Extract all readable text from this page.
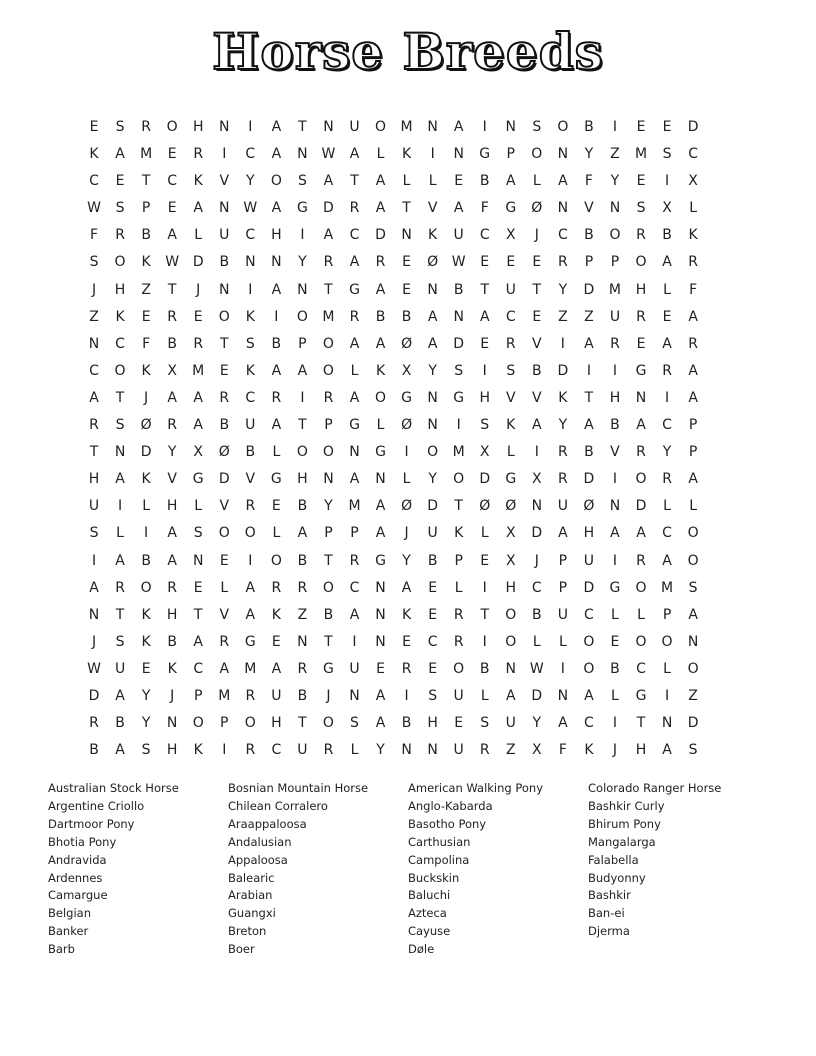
Horse Breeds
E S R O H N I A T N U O M N A I N S O B I E E D
K A M E R I C A N W A L K I N G P O N Y Z M S C
C E T C K V Y O S A T A L L E B A L A F Y E I X
W S P E A N W A G D R A T V A F G Ø N V N S X L
F R B A L U C H I A C D N K U C X J C B O R B K
S O K W D B N N Y R A R E Ø W E E E R P P O A R
J H Z T J N I A N T G A E N B T U T Y D M H L F
Z K E R E O K I O M R B B A N A C E Z Z U R E A
N C F B R T S B P O A A Ø A D E R V I A R E A R
C O K X M E K A A O L K X Y S I S B D I I G R A
A T J A A R C R I R A O G N G H V V K T H N I A
R S Ø R A B U A T P G L Ø N I S K A Y A B A C P
T N D Y X Ø B L O O N G I O M X L I R B V R Y P
H A K V G D V G H N A N L Y O D G X R D I O R A
U I L H L V R E B Y M A Ø D T Ø Ø N U Ø N D L L
S L I A S O O L A P P A J U K L X D A H A A C O
I A B A N E I O B T R G Y B P E X J P U I R A O
A R O R E L A R R O C N A E L I H C P D G O M S
N T K H T V A K Z B A N K E R T O B U C L L P A
J S K B A R G E N T I N E C R I O L L O E O O N
W U E K C A M A R G U E R E O B N W I O B C L O
D A Y J P M R U B J N A I S U L A D N A L G I Z
R B Y N O P O H T O S A B H E S U Y A C I T N D
B A S H K I R C U R L Y N N U R Z X F K J H A S
Australian Stock Horse
Argentine Criollo
Dartmoor Pony
Bhotia Pony
Andravida
Ardennes
Camargue
Belgian
Banker
Barb
Bosnian Mountain Horse
Chilean Corralero
Araappaloosa
Andalusian
Appaloosa
Balearic
Arabian
Guangxi
Breton
Boer
American Walking Pony
Anglo-Kabarda
Basotho Pony
Carthusian
Campolina
Buckskin
Baluchi
Azteca
Cayuse
Døle
Colorado Ranger Horse
Bashkir Curly
Bhirum Pony
Mangalarga
Falabella
Budyonny
Bashkir
Ban-ei
Djerma
